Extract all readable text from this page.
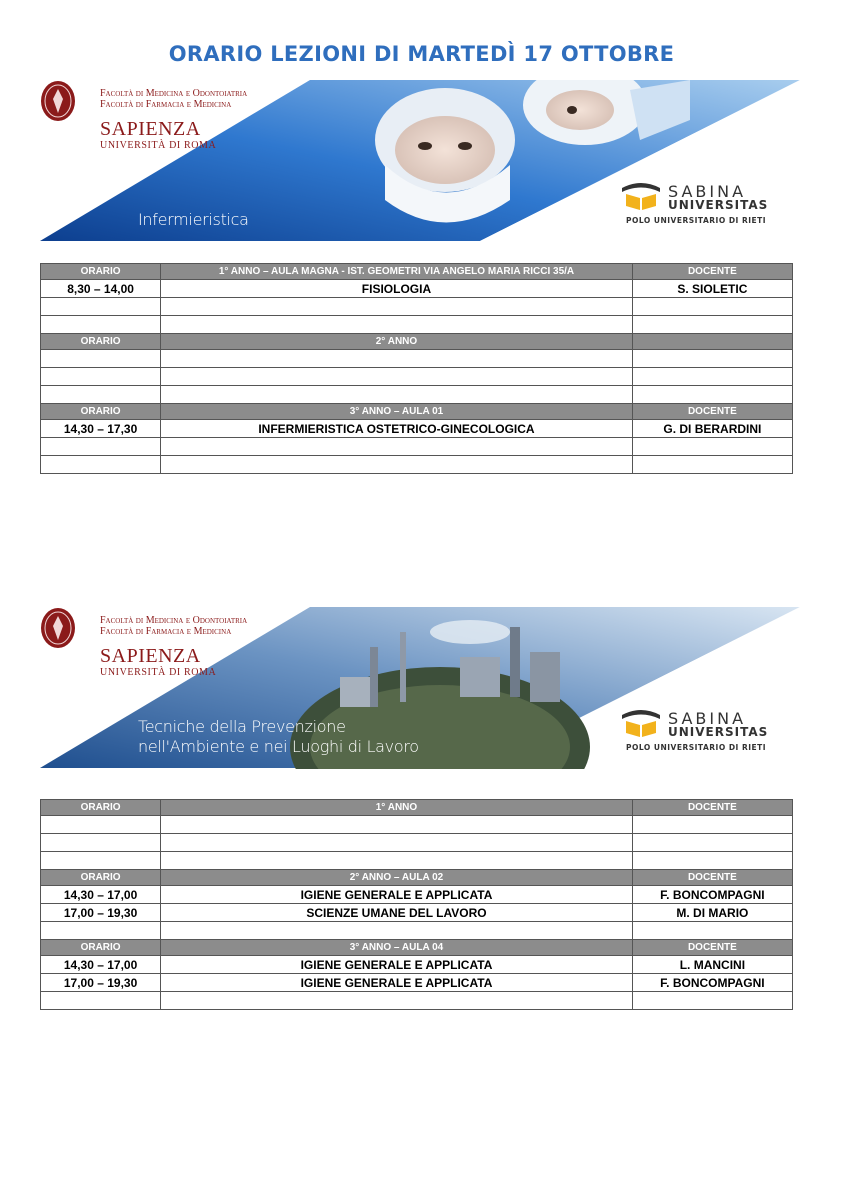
ORARIO LEZIONI DI MARTEDÌ 17 OTTOBRE
Facoltà di Medicina e Odontoiatria
Facoltà di Farmacia e Medicina
SAPIENZA
UNIVERSITÀ DI ROMA
Infermieristica
SABINA
UNIVERSITAS
POLO UNIVERSITARIO DI RIETI
ORARIO	1° ANNO – AULA MAGNA - IST. GEOMETRI VIA ANGELO MARIA RICCI 35/A	DOCENTE
8,30 – 14,00	FISIOLOGIA	S. SIOLETIC

ORARIO	2° ANNO	

ORARIO	3° ANNO – AULA 01	DOCENTE
14,30 – 17,30	INFERMIERISTICA OSTETRICO-GINECOLOGICA	G. DI BERARDINI

Facoltà di Medicina e Odontoiatria
Facoltà di Farmacia e Medicina
SAPIENZA
UNIVERSITÀ DI ROMA
Tecniche della Prevenzione
nell'Ambiente e nei Luoghi di Lavoro
SABINA
UNIVERSITAS
POLO UNIVERSITARIO DI RIETI
ORARIO	1° ANNO	DOCENTE

ORARIO	2° ANNO – AULA 02	DOCENTE
14,30 – 17,00	IGIENE GENERALE E APPLICATA	F. BONCOMPAGNI
17,00 – 19,30	SCIENZE UMANE DEL LAVORO	M. DI MARIO

ORARIO	3° ANNO – AULA 04	DOCENTE
14,30 – 17,00	IGIENE GENERALE E APPLICATA	L. MANCINI
17,00 – 19,30	IGIENE GENERALE E APPLICATA	F. BONCOMPAGNI
